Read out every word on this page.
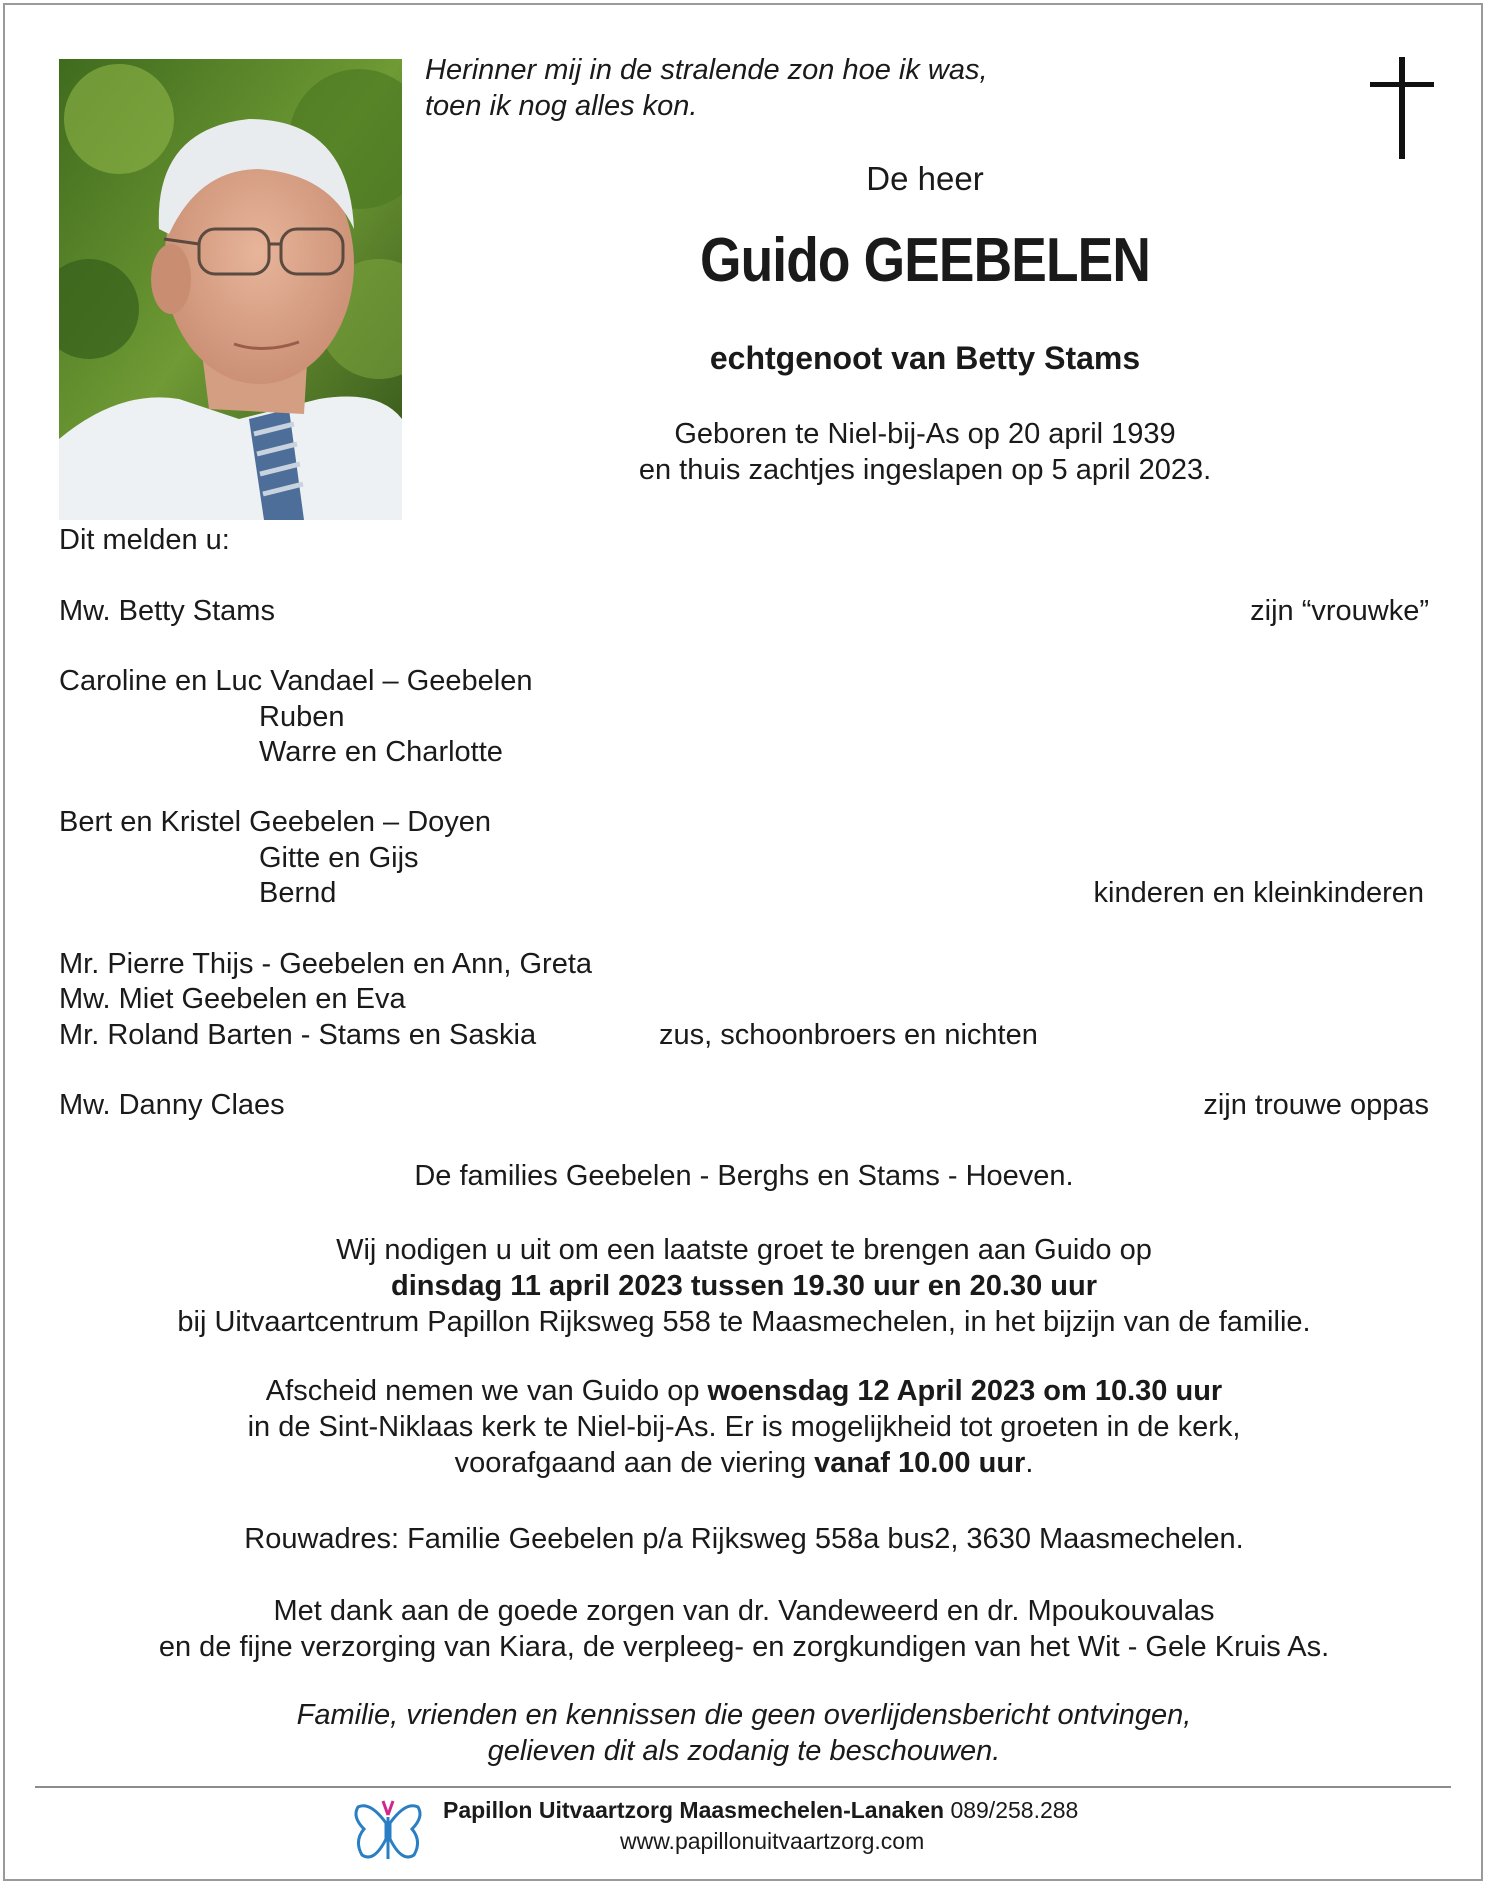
Herinner mij in de stralende zon hoe ik was,
toen ik nog alles kon.
De heer
Guido GEEBELEN
echtgenoot van Betty Stams
Geboren te Niel-bij-As op 20 april 1939
en thuis zachtjes ingeslapen op 5 april 2023.
Dit melden u:
Mw. Betty Stams	zijn “vrouwke”
Caroline en Luc Vandael – Geebelen
Ruben
Warre en Charlotte
Bert en Kristel Geebelen – Doyen
Gitte en Gijs
Bernd	kinderen en kleinkinderen
Mr. Pierre Thijs - Geebelen en Ann, Greta
Mw. Miet Geebelen en Eva
Mr. Roland Barten - Stams en Saskia	zus, schoonbroers en nichten
Mw. Danny Claes	zijn trouwe oppas
De families Geebelen - Berghs en Stams - Hoeven.
Wij nodigen u uit om een laatste groet te brengen aan Guido op
dinsdag 11 april 2023 tussen 19.30 uur en 20.30 uur
bij Uitvaartcentrum Papillon Rijksweg 558 te Maasmechelen, in het bijzijn van de familie.
Afscheid nemen we van Guido op woensdag 12 April 2023 om 10.30 uur
in de Sint-Niklaas kerk te Niel-bij-As. Er is mogelijkheid tot groeten in de kerk,
voorafgaand aan de viering vanaf 10.00 uur.
Rouwadres: Familie Geebelen p/a Rijksweg 558a bus2, 3630 Maasmechelen.
Met dank aan de goede zorgen van dr. Vandeweerd en dr. Mpoukouvalas
en de fijne verzorging van Kiara, de verpleeg- en zorgkundigen van het Wit - Gele Kruis As.
Familie, vrienden en kennissen die geen overlijdensbericht ontvingen,
gelieven dit als zodanig te beschouwen.
Papillon Uitvaartzorg Maasmechelen-Lanaken 089/258.288
www.papillonuitvaartzorg.com
